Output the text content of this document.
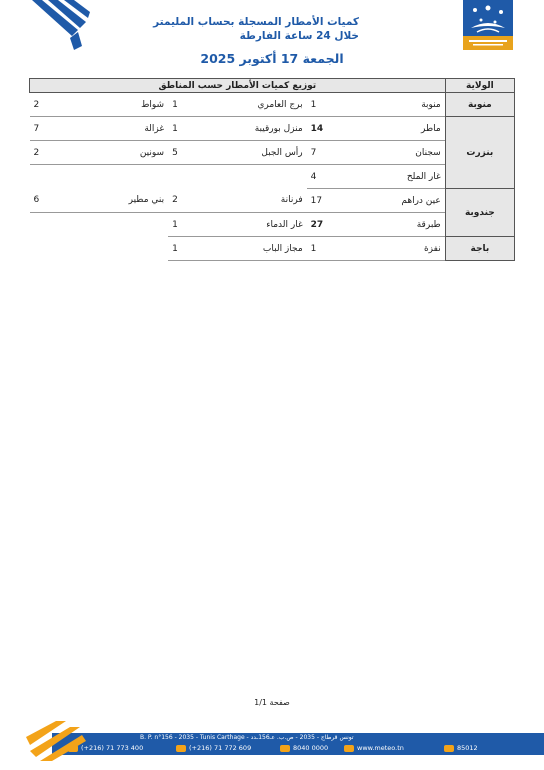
كميات الأمطار المسجلة بحساب المليمتر
خلال 24 ساعة الفارطة
الجمعة 17 أكتوبر 2025
الولاية	توزيع كميات الأمطار حسب المناطق					
منوبة	منوبة	1	برج العامري	1	شواط	2
بنزرت	ماطر	14	منزل بورقيبة	1	غزالة	7
	سجنان	7	رأس الجبل	5	سونين	2
	غار الملح	4				
جندوبة	عين دراهم	17	فرنانة	2	بني مطير	6
	طبرقة	27	غار الدماء	1		
باجة	نفزة	1	مجاز الباب	1		
صفحة 1/1
B. P. n°156 - 2035 - Tunis Carthage - تونس قرطاج - 2035 - ص.ب. عـ156ـدد
(+216) 71 773 400	(+216) 71 772 609	8040 0000	www.meteo.tn	85012
